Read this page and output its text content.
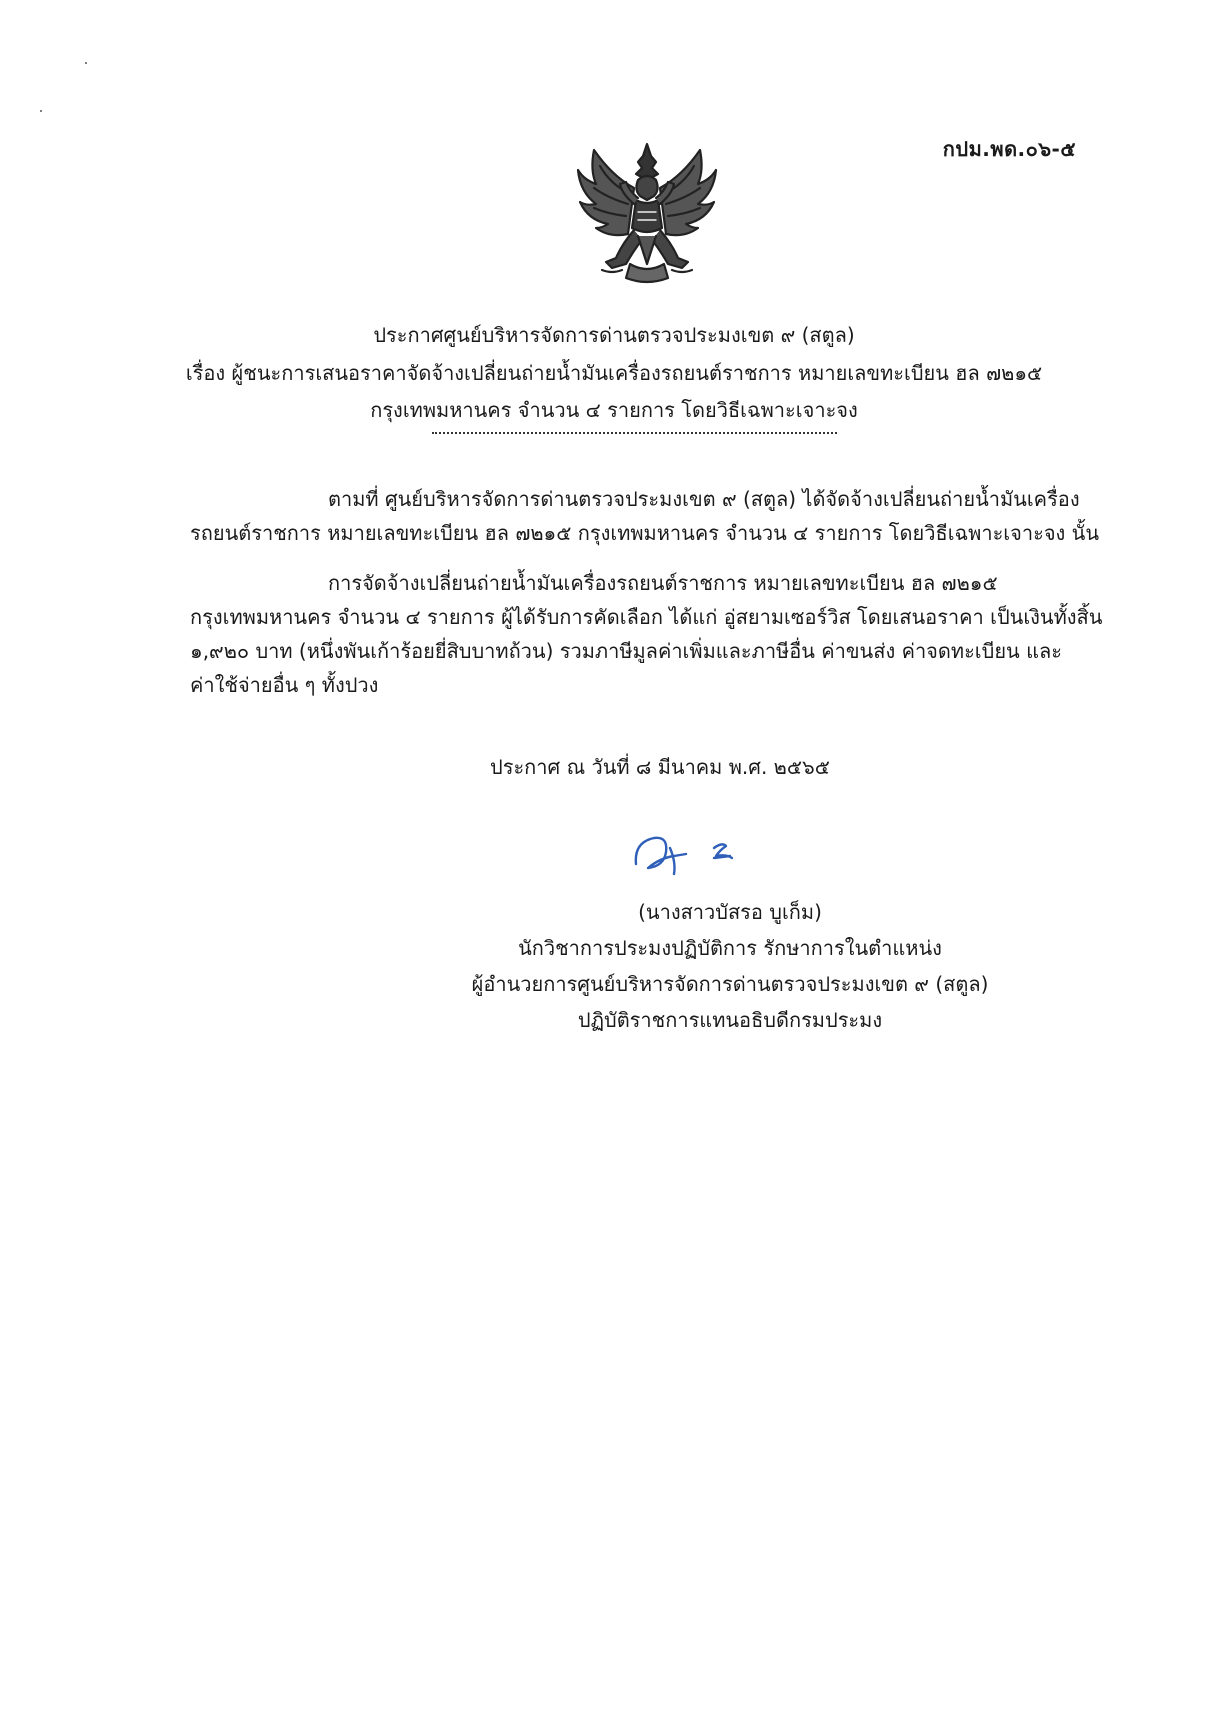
กปม.พด.๐๖-๕
ประกาศศูนย์บริหารจัดการด่านตรวจประมงเขต ๙ (สตูล)
เรื่อง ผู้ชนะการเสนอราคาจัดจ้างเปลี่ยนถ่ายน้ำมันเครื่องรถยนต์ราชการ หมายเลขทะเบียน ฮล ๗๒๑๕
กรุงเทพมหานคร จำนวน ๔ รายการ โดยวิธีเฉพาะเจาะจง
ตามที่ ศูนย์บริหารจัดการด่านตรวจประมงเขต ๙ (สตูล) ได้จัดจ้างเปลี่ยนถ่ายน้ำมันเครื่อง
รถยนต์ราชการ หมายเลขทะเบียน ฮล ๗๒๑๕ กรุงเทพมหานคร จำนวน ๔ รายการ โดยวิธีเฉพาะเจาะจง นั้น
การจัดจ้างเปลี่ยนถ่ายน้ำมันเครื่องรถยนต์ราชการ หมายเลขทะเบียน ฮล ๗๒๑๕
กรุงเทพมหานคร จำนวน ๔ รายการ ผู้ได้รับการคัดเลือก ได้แก่ อู่สยามเซอร์วิส โดยเสนอราคา เป็นเงินทั้งสิ้น
๑,๙๒๐ บาท (หนึ่งพันเก้าร้อยยี่สิบบาทถ้วน) รวมภาษีมูลค่าเพิ่มและภาษีอื่น ค่าขนส่ง ค่าจดทะเบียน และ
ค่าใช้จ่ายอื่น ๆ ทั้งปวง
ประกาศ ณ วันที่ ๘ มีนาคม พ.ศ. ๒๕๖๕
(นางสาวบัสรอ บูเก็ม)
นักวิชาการประมงปฏิบัติการ รักษาการในตำแหน่ง
ผู้อำนวยการศูนย์บริหารจัดการด่านตรวจประมงเขต ๙ (สตูล)
ปฏิบัติราชการแทนอธิบดีกรมประมง
